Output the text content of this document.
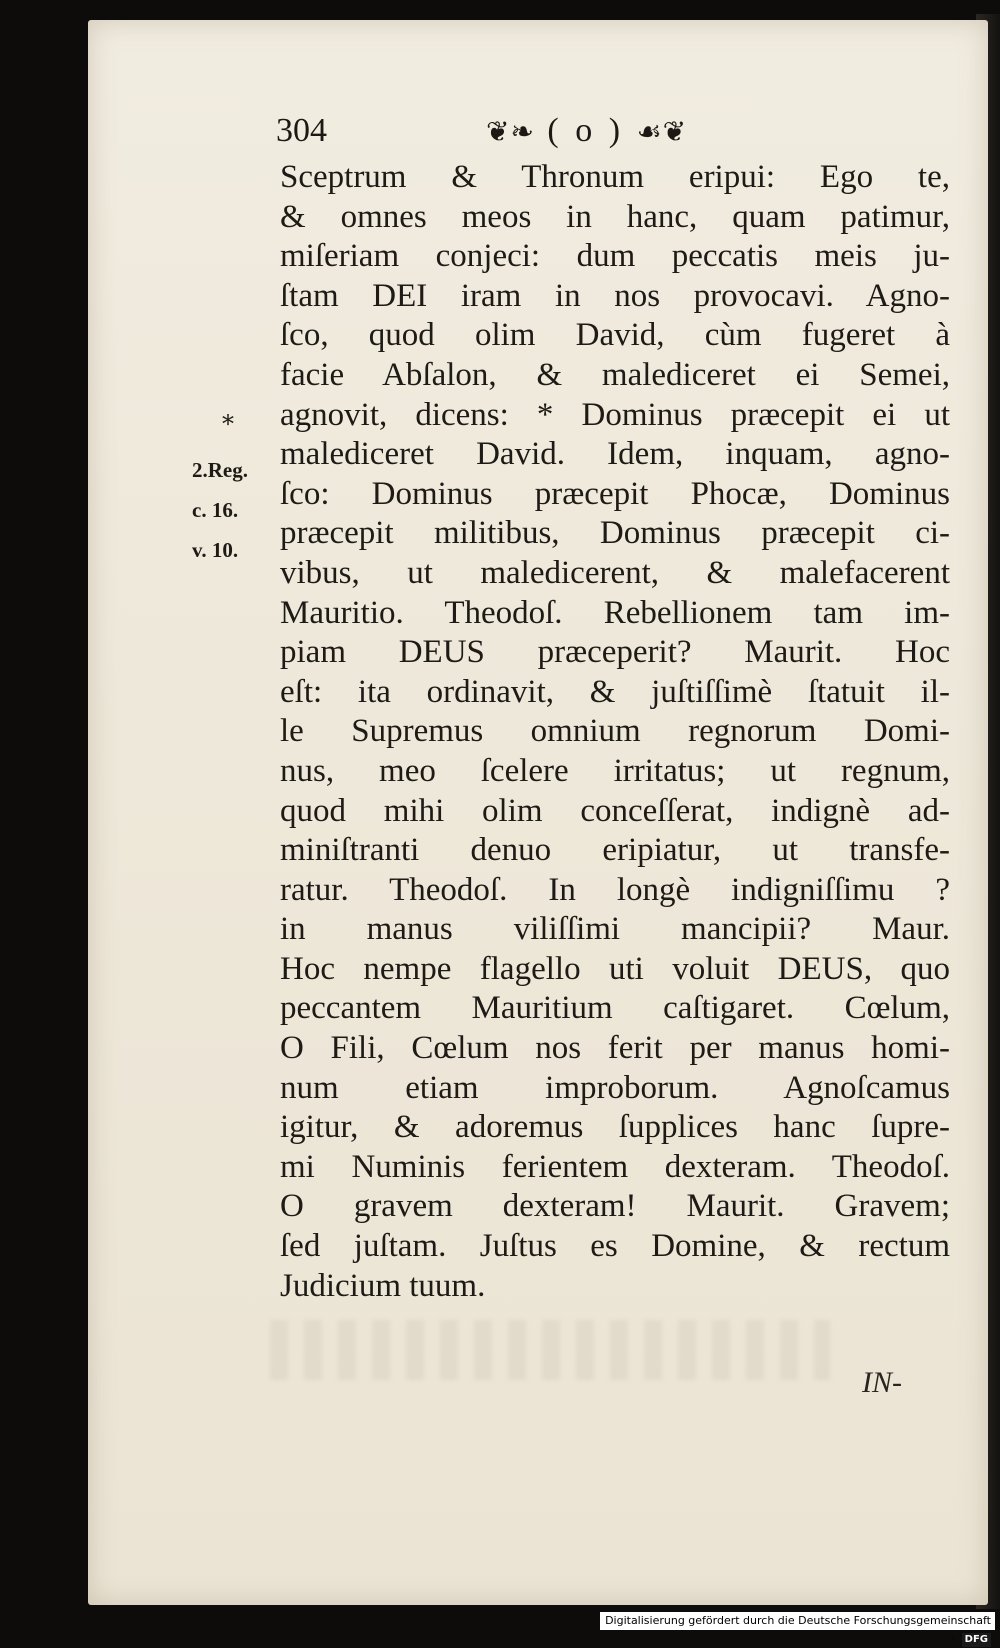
304	❦❧ ( o ) ☙❦
*
2.Reg.
c. 16.
v. 10.
Sceptrum & Thronum eripui: Ego te,
& omnes meos in hanc, quam patimur,
miſeriam conjeci: dum peccatis meis ju-
ſtam DEI iram in nos provocavi. Agno-
ſco, quod olim David, cùm fugeret à
facie Abſalon, & malediceret ei Semei,
agnovit, dicens: * Dominus præcepit ei ut
malediceret David. Idem, inquam, agno-
ſco: Dominus præcepit Phocæ, Dominus
præcepit militibus, Dominus præcepit ci-
vibus, ut maledicerent, & malefacerent
Mauritio. Theodoſ. Rebellionem tam im-
piam DEUS præceperit? Maurit. Hoc
eſt: ita ordinavit, & juſtiſſimè ſtatuit il-
le Supremus omnium regnorum Domi-
nus, meo ſcelere irritatus; ut regnum,
quod mihi olim conceſſerat, indignè ad-
miniſtranti denuo eripiatur, ut transfe-
ratur. Theodoſ. In longè indigniſſimu ?
in manus viliſſimi mancipii? Maur.
Hoc nempe flagello uti voluit DEUS, quo
peccantem Mauritium caſtigaret. Cœlum,
O Fili, Cœlum nos ferit per manus homi-
num etiam improborum. Agnoſcamus
igitur, & adoremus ſupplices hanc ſupre-
mi Numinis ferientem dexteram. Theodoſ.
O gravem dexteram! Maurit. Gravem;
ſed juſtam. Juſtus es Domine, & rectum
Judicium tuum.
IN-
Digitalisierung gefördert durch die Deutsche Forschungsgemeinschaft · DFG
